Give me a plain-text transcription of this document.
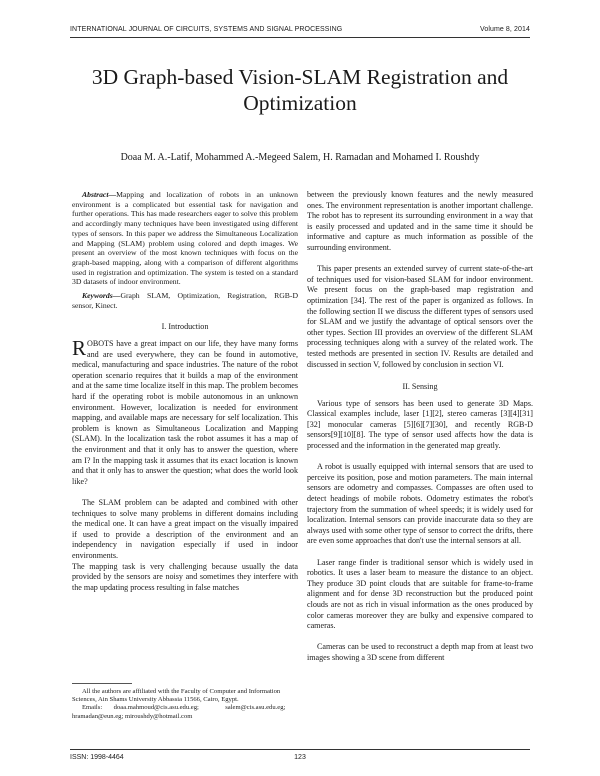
INTERNATIONAL JOURNAL OF CIRCUITS, SYSTEMS AND SIGNAL PROCESSING	Volume 8, 2014
3D Graph-based Vision-SLAM Registration and Optimization
Doaa M. A.-Latif, Mohammed A.-Megeed Salem, H. Ramadan and Mohamed I. Roushdy

Abstract—Mapping and localization of robots in an unknown environment is a complicated but essential task for navigation and further operations. This has made researchers eager to solve this problem and accordingly many techniques have been investigated using different types of sensors. In this paper we address the Simultaneous Localization and Mapping (SLAM) problem using colored and depth images. We present an overview of the most known techniques with focus on the graph-based mapping, along with a comparison of different algorithms used in registration and optimization. The system is tested on a standard 3D datasets of indoor environment.

Keywords—Graph SLAM, Optimization, Registration, RGB-D sensor, Kinect.

I. Introduction

ROBOTS have a great impact on our life, they have many forms and are used everywhere, they can be found in automotive, medical, manufacturing and space industries. The nature of the robot operation scenario requires that it builds a map of the environment and at the same time localize itself in this map. The problem becomes hard if the operating robot is mobile autonomous in an unknown environment. However, localization is needed for environment mapping, and available maps are necessary for self localization. This problem is known as Simultaneous Localization and Mapping (SLAM). In the localization task the robot assumes it has a map of the environment and that it only has to answer the question, where am I? In the mapping task it assumes that its exact location is known and that it only has to answer the question; what does the world look like?

The SLAM problem can be adapted and combined with other techniques to solve many problems in different domains including the medical one. It can have a great impact on the visually impaired if used to provide a description of the environment and an independency in navigation especially if used in indoor environments.

The mapping task is very challenging because usually the data provided by the sensors are noisy and sometimes they interfere with the map updating process resulting in false matches

All the authors are affiliated with the Faculty of Computer and Information Sciences, Ain Shams University Abbassia 11566, Cairo, Egypt.

Emails:       doaa.mahmoud@cis.asu.edu.eg;                salem@cis.asu.edu.eg;

hramadan@eun.eg; miroushdy@hotmail.com

between the previously known features and the newly measured ones. The environment representation is another important challenge. The robot has to represent its surrounding environment in a way that is easily processed and updated and in the same time it should be informative and capture as much information as possible of the surrounding environment.

This paper presents an extended survey of current state-of-the-art of techniques used for vision-based SLAM for indoor environment. We present focus on the graph-based map registration and optimization [34]. The rest of the paper is organized as follows. In the following section II we discuss the different types of sensors used for SLAM and we justify the advantage of optical sensors over the other types. Section III provides an overview of the different SLAM processing techniques along with a survey of the related work. The tested methods are presented in section IV. Results are detailed and discussed in section V, followed by conclusion in section VI.

II. Sensing

Various type of sensors has been used to generate 3D Maps. Classical examples include, laser [1][2], stereo cameras [3][4][31][32] monocular cameras [5][6][7][30], and recently RGB-D sensors[9][10][8]. The type of sensor used affects how the data is processed and the information in the generated map greatly.

A robot is usually equipped with internal sensors that are used to perceive its position, pose and motion parameters. The main internal sensors are odometry and compasses. Compasses are often used to detect headings of mobile robots. Odometry estimates the robot's trajectory from the summation of wheel speeds; it is widely used for localization. Internal sensors can provide inaccurate data so they are always used with some other type of sensor to correct the drifts, there are even some approaches that don't use the internal sensors at all.

Laser range finder is traditional sensor which is widely used in robotics. It uses a laser beam to measure the distance to an object. They produce 3D point clouds that are suitable for frame-to-frame alignment and for dense 3D reconstruction but the produced point clouds are not as rich in visual information as the ones produced by color cameras moreover they are bulky and expensive compared to cameras.

Cameras can be used to reconstruct a depth map from at least two images showing a 3D scene from different

ISSN: 1998-4464	123
